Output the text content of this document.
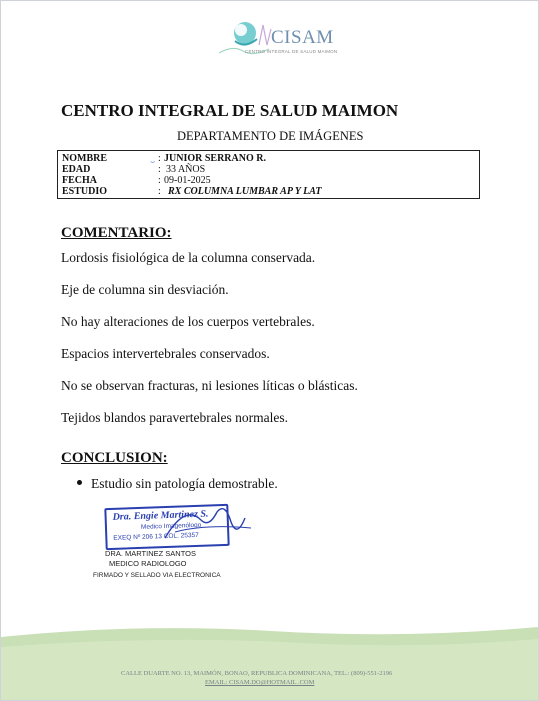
CISAM
CENTRO INTEGRAL DE SALUD MAIMON
CENTRO INTEGRAL DE SALUD MAIMON
DEPARTAMENTO DE IMÁGENES
NOMBRE	: JUNIOR SERRANO R.
⌣
EDAD	: 33 AÑOS
FECHA	: 09-01-2025
ESTUDIO	: RX COLUMNA LUMBAR AP Y LAT
COMENTARIO:
Lordosis fisiológica de la columna conservada.
Eje de columna sin desviación.
No hay alteraciones de los cuerpos vertebrales.
Espacios intervertebrales conservados.
No se observan fracturas, ni lesiones líticas o blásticas.
Tejidos blandos paravertebrales normales.
CONCLUSION:
Estudio sin patología demostrable.
Dra. Engie Martinez S.
Medico Imagenólogo
EXEQ Nº 206 13 COL. 25357
DRA. MARTINEZ SANTOS
MEDICO RADIOLOGO
FIRMADO Y SELLADO VIA ELECTRONICA
CALLE DUARTE NO. 13, MAIMÓN, BONAO, REPUBLICA DOMINICANA, TEL.: (809)-551-2196
EMAIL: CISAM.DO@HOTMAIL .COM
